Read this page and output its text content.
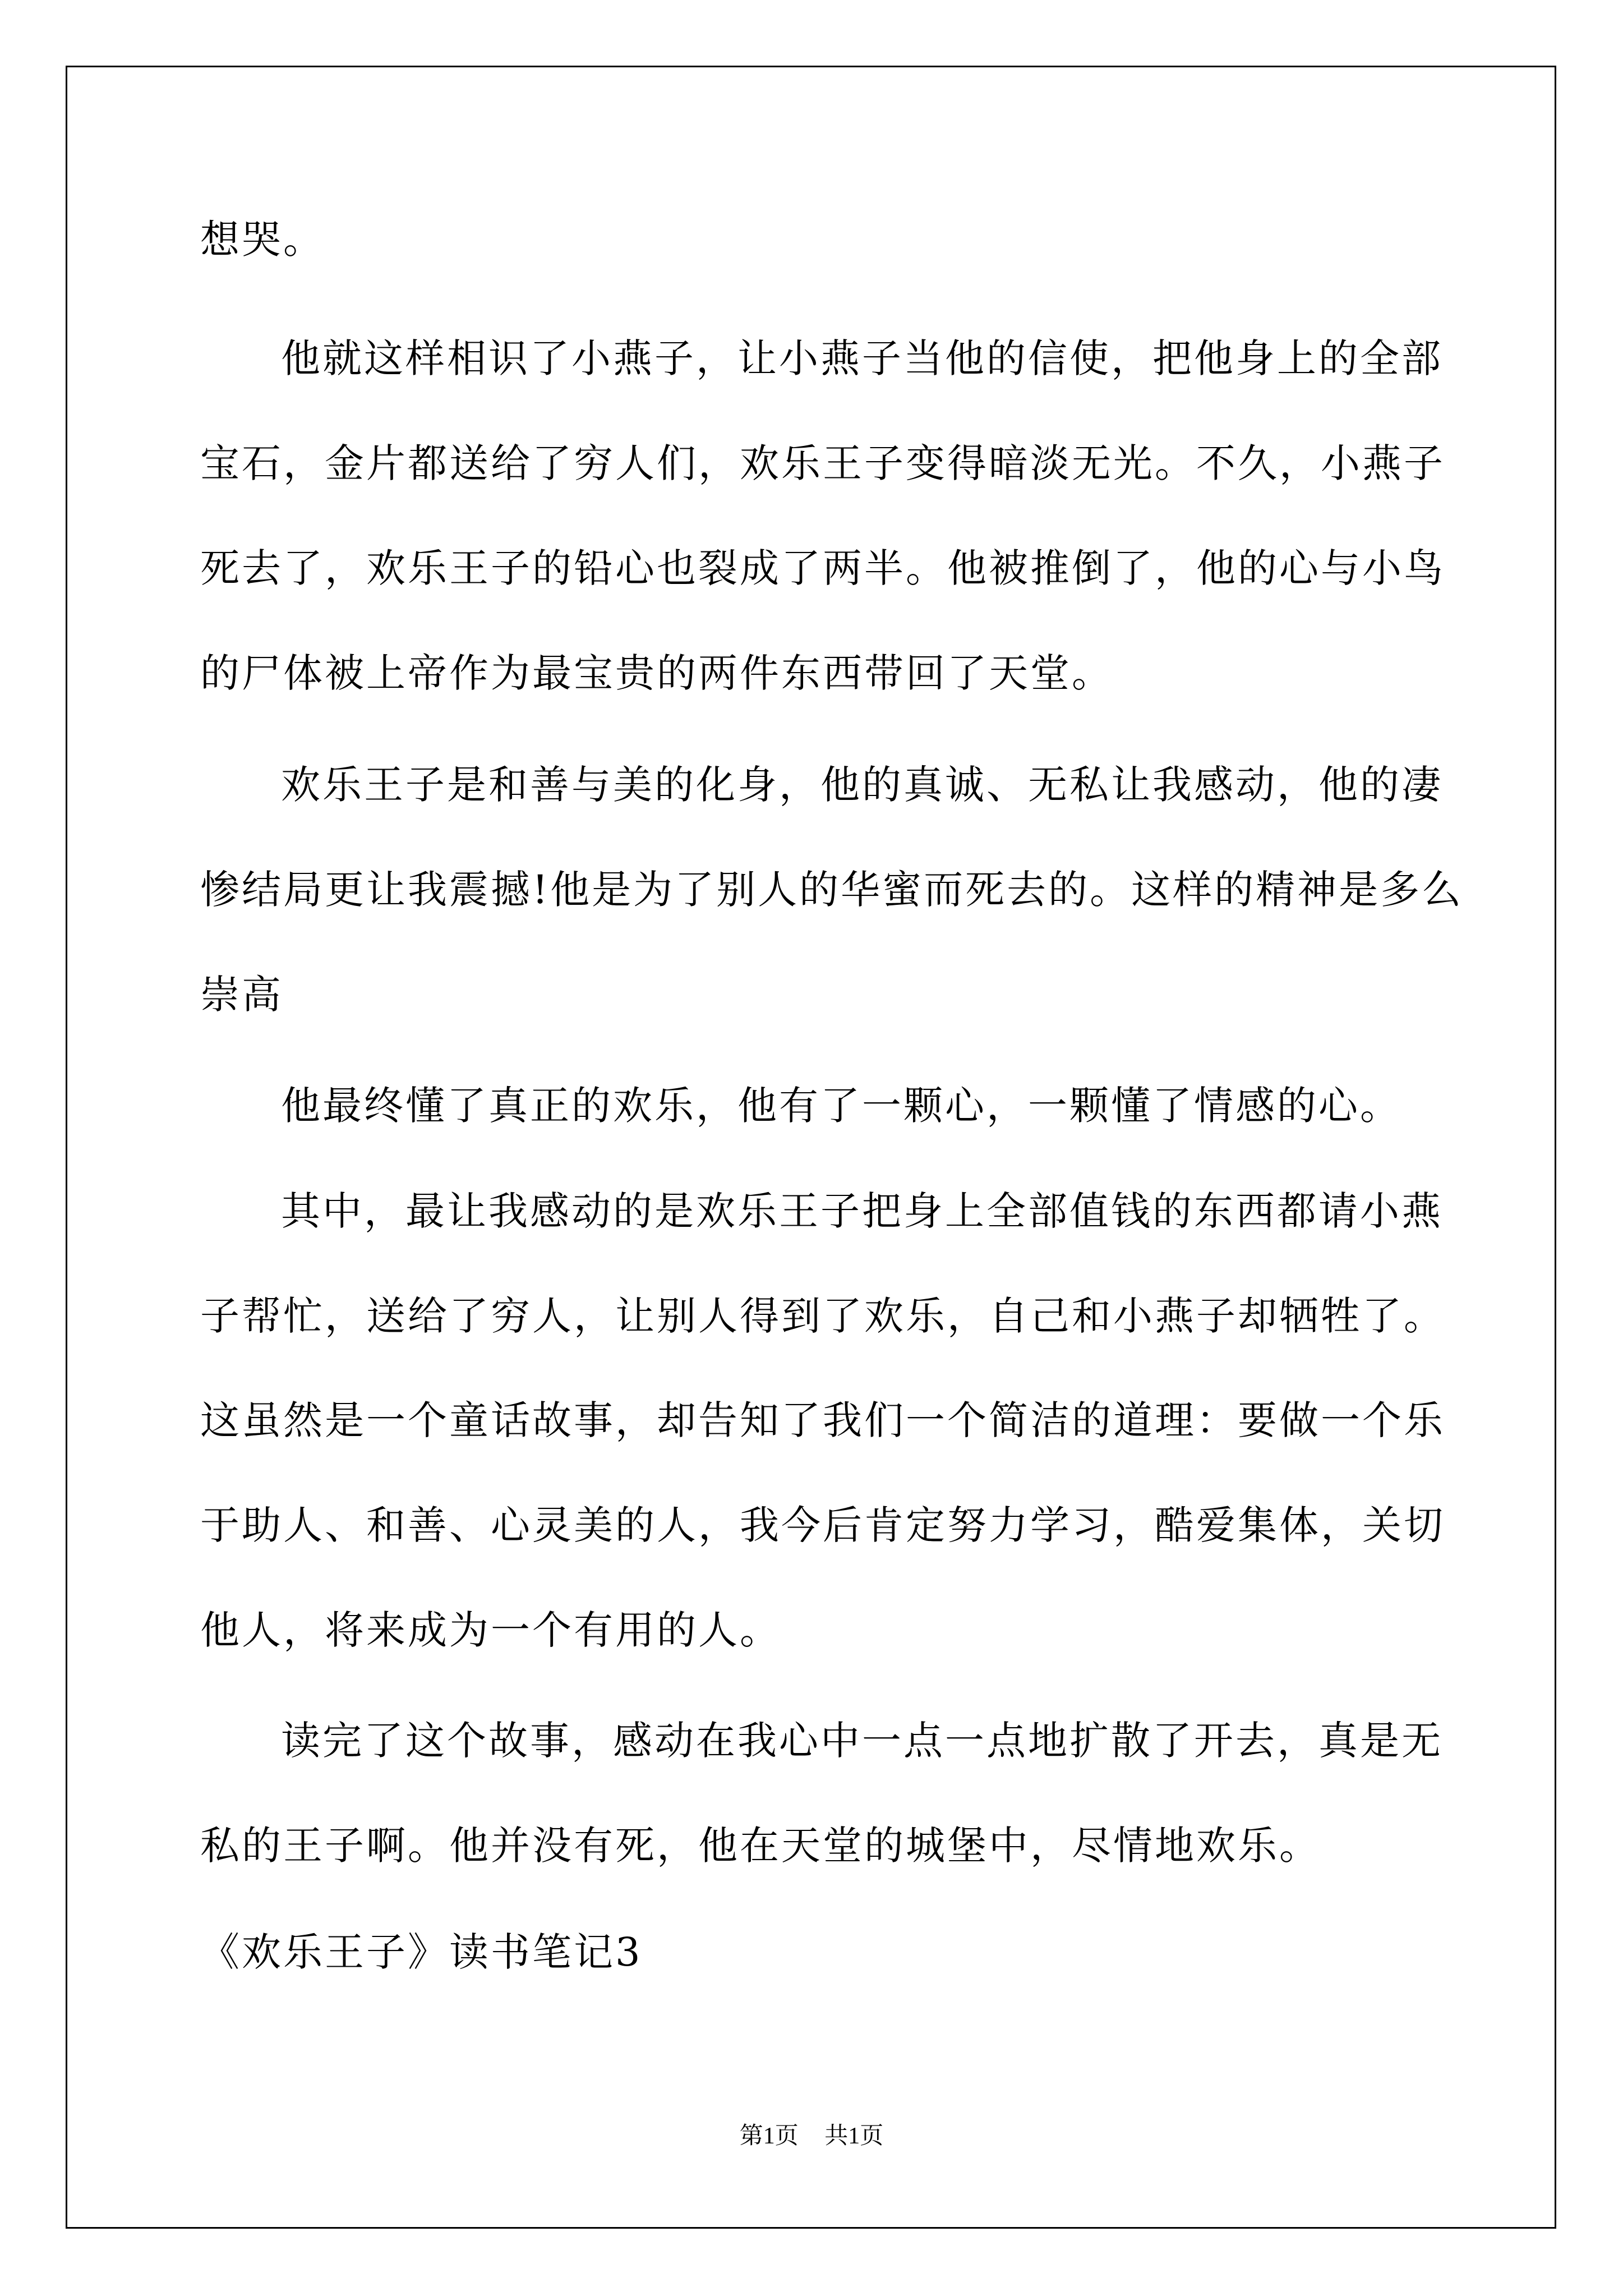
想哭。
他就这样相识了小燕子，让小燕子当他的信使，把他身上的全部
宝石，金片都送给了穷人们，欢乐王子变得暗淡无光。不久，小燕子
死去了，欢乐王子的铅心也裂成了两半。他被推倒了，他的心与小鸟
的尸体被上帝作为最宝贵的两件东西带回了天堂。
欢乐王子是和善与美的化身，他的真诚、无私让我感动，他的凄
惨结局更让我震撼!他是为了别人的华蜜而死去的。这样的精神是多么
崇高
他最终懂了真正的欢乐，他有了一颗心，一颗懂了情感的心。
其中，最让我感动的是欢乐王子把身上全部值钱的东西都请小燕
子帮忙，送给了穷人，让别人得到了欢乐，自己和小燕子却牺牲了。
这虽然是一个童话故事，却告知了我们一个简洁的道理：要做一个乐
于助人、和善、心灵美的人，我今后肯定努力学习，酷爱集体，关切
他人，将来成为一个有用的人。
读完了这个故事，感动在我心中一点一点地扩散了开去，真是无
私的王子啊。他并没有死，他在天堂的城堡中，尽情地欢乐。
《欢乐王子》读书笔记3
第1页 共1页
